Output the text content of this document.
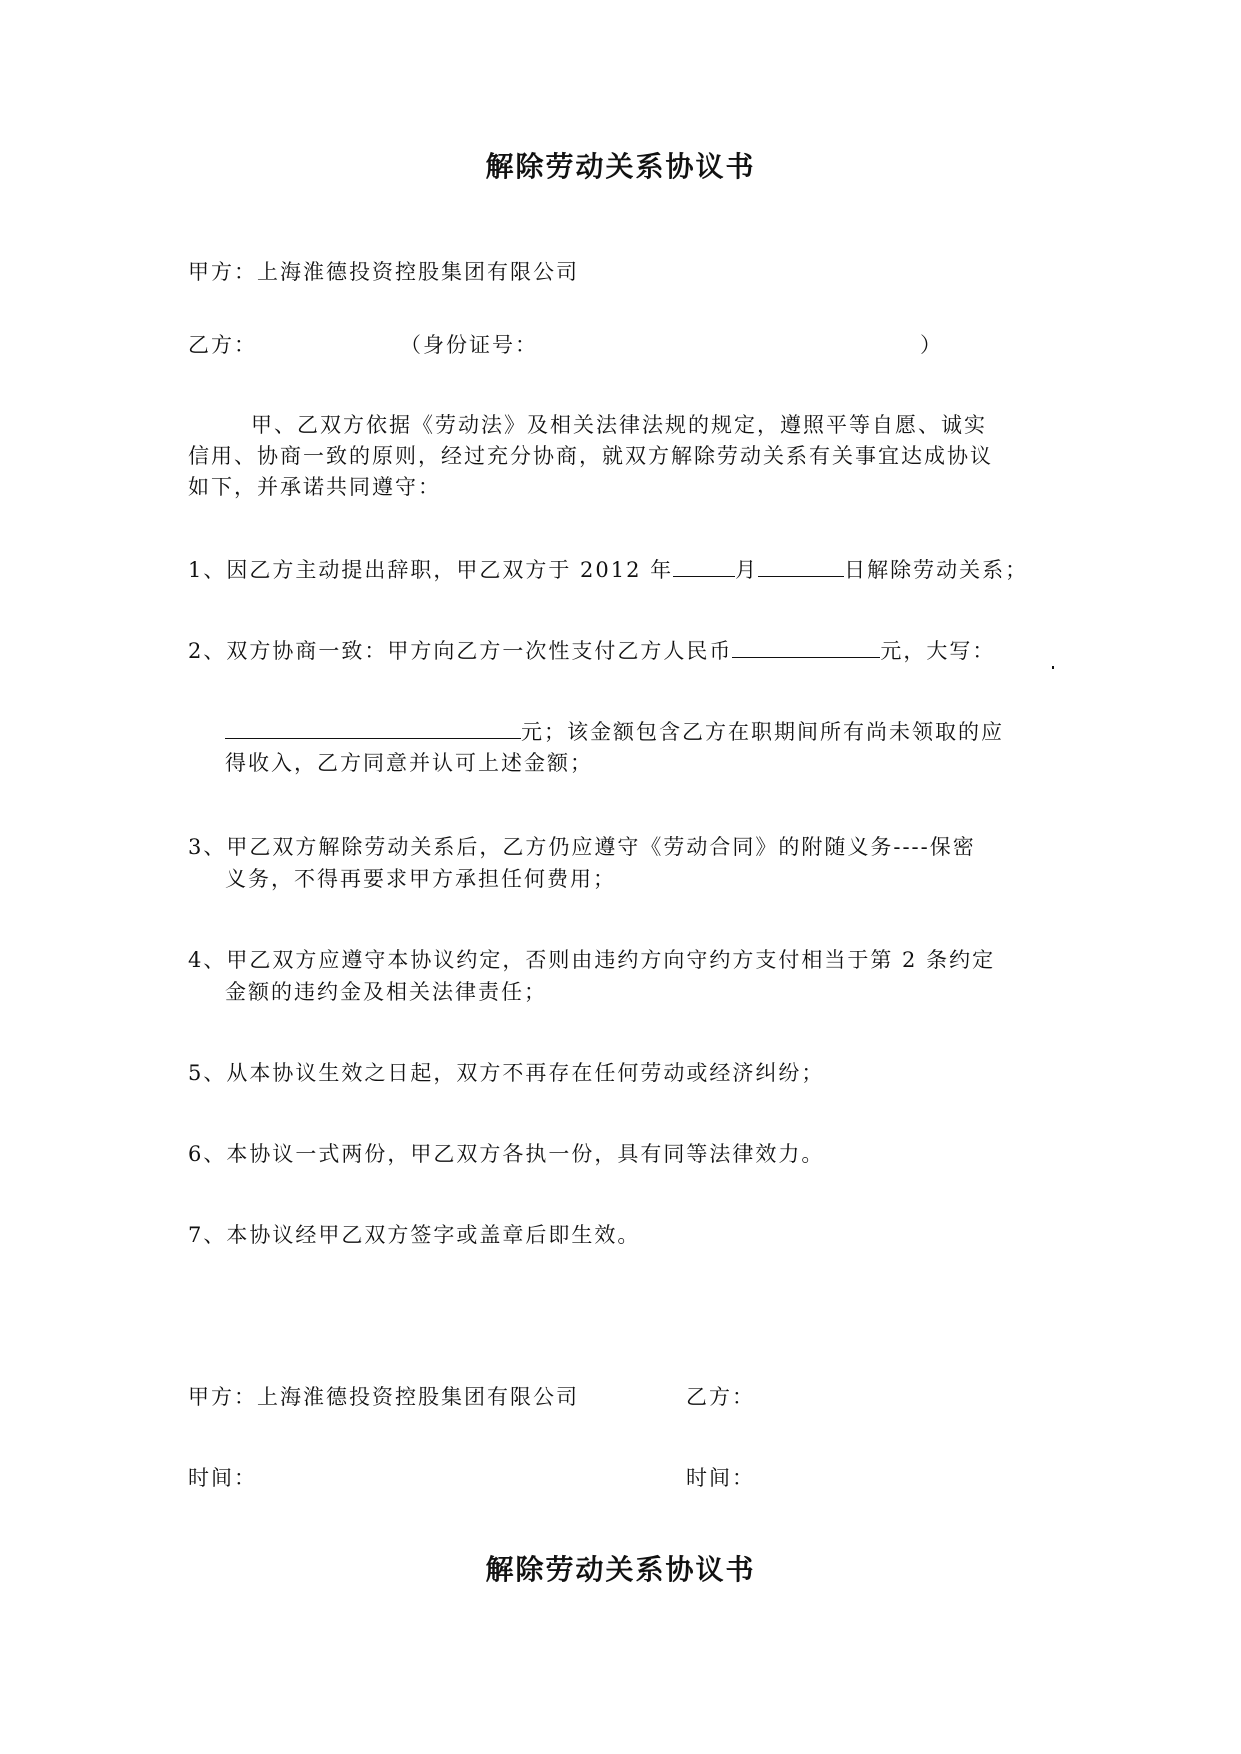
解除劳动关系协议书
甲方：上海淮德投资控股集团有限公司
乙方：	（身份证号：	）
甲、乙双方依据《劳动法》及相关法律法规的规定，遵照平等自愿、诚实
信用、协商一致的原则，经过充分协商，就双方解除劳动关系有关事宜达成协议
如下，并承诺共同遵守：
1、因乙方主动提出辞职，甲乙双方于 2012 年	月	日解除劳动关系；
2、双方协商一致：甲方向乙方一次性支付乙方人民币	元，大写：
元；该金额包含乙方在职期间所有尚未领取的应
得收入，乙方同意并认可上述金额；
3、甲乙双方解除劳动关系后，乙方仍应遵守《劳动合同》的附随义务----保密
义务，不得再要求甲方承担任何费用；
4、甲乙双方应遵守本协议约定，否则由违约方向守约方支付相当于第 2 条约定
金额的违约金及相关法律责任；
5、从本协议生效之日起，双方不再存在任何劳动或经济纠纷；
6、本协议一式两份，甲乙双方各执一份，具有同等法律效力。
7、本协议经甲乙双方签字或盖章后即生效。
甲方：上海淮德投资控股集团有限公司	乙方：
时间：	时间：
解除劳动关系协议书
